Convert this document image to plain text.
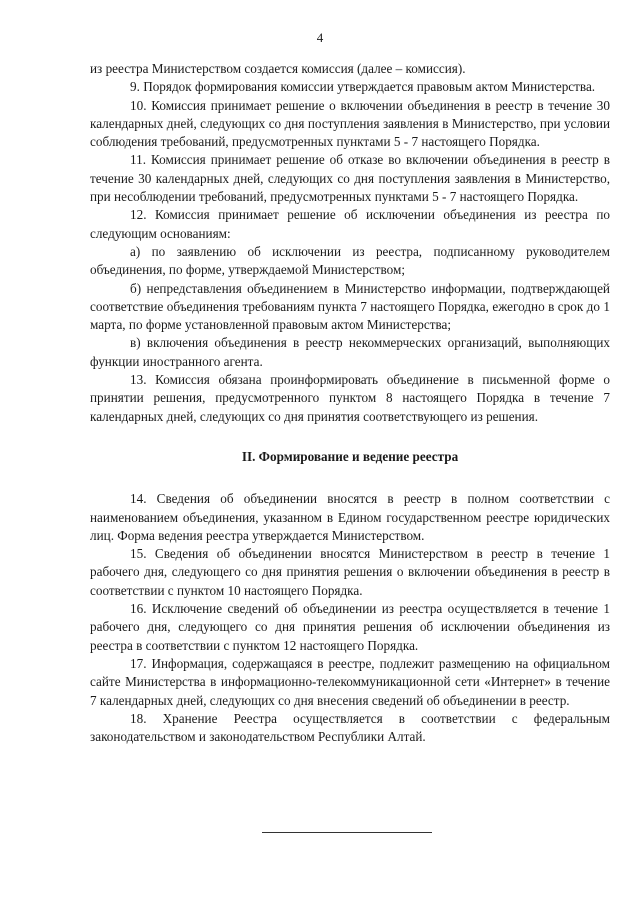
4

из реестра Министерством создается комиссия (далее – комиссия).

9. Порядок формирования комиссии утверждается правовым актом Министерства.

10. Комиссия принимает решение о включении объединения в реестр в течение 30 календарных дней, следующих со дня поступления заявления в Министерство, при условии соблюдения требований, предусмотренных пунктами 5 - 7 настоящего Порядка.

11. Комиссия принимает решение об отказе во включении объединения в реестр в течение 30 календарных дней, следующих со дня поступления заявления в Министерство, при несоблюдении требований, предусмотренных пунктами 5 - 7 настоящего Порядка.

12. Комиссия принимает решение об исключении объединения из реестра по следующим основаниям:

а) по заявлению об исключении из реестра, подписанному руководителем объединения, по форме, утверждаемой Министерством;

б) непредставления объединением в Министерство информации, подтверждающей соответствие объединения требованиям пункта 7 настоящего Порядка, ежегодно в срок до 1 марта, по форме установленной правовым актом Министерства;

в) включения объединения в реестр некоммерческих организаций, выполняющих функции иностранного агента.

13. Комиссия обязана проинформировать объединение в письменной форме о принятии решения, предусмотренного пунктом 8 настоящего Порядка в течение 7 календарных дней, следующих со дня принятия соответствующего из решения.

II. Формирование и ведение реестра

14. Сведения об объединении вносятся в реестр в полном соответствии с наименованием объединения, указанном в Едином государственном реестре юридических лиц. Форма ведения реестра утверждается Министерством.

15. Сведения об объединении вносятся Министерством в реестр в течение 1 рабочего дня, следующего со дня принятия решения о включении объединения в реестр в соответствии с пунктом 10 настоящего Порядка.

16. Исключение сведений об объединении из реестра осуществляется в течение 1 рабочего дня, следующего со дня принятия решения об исключении объединения из реестра в соответствии с пунктом 12 настоящего Порядка.

17. Информация, содержащаяся в реестре, подлежит размещению на официальном сайте Министерства в информационно-телекоммуникационной сети «Интернет» в течение 7 календарных дней, следующих со дня внесения сведений об объединении в реестр.

18. Хранение Реестра осуществляется в соответствии с федеральным законодательством и законодательством Республики Алтай.
